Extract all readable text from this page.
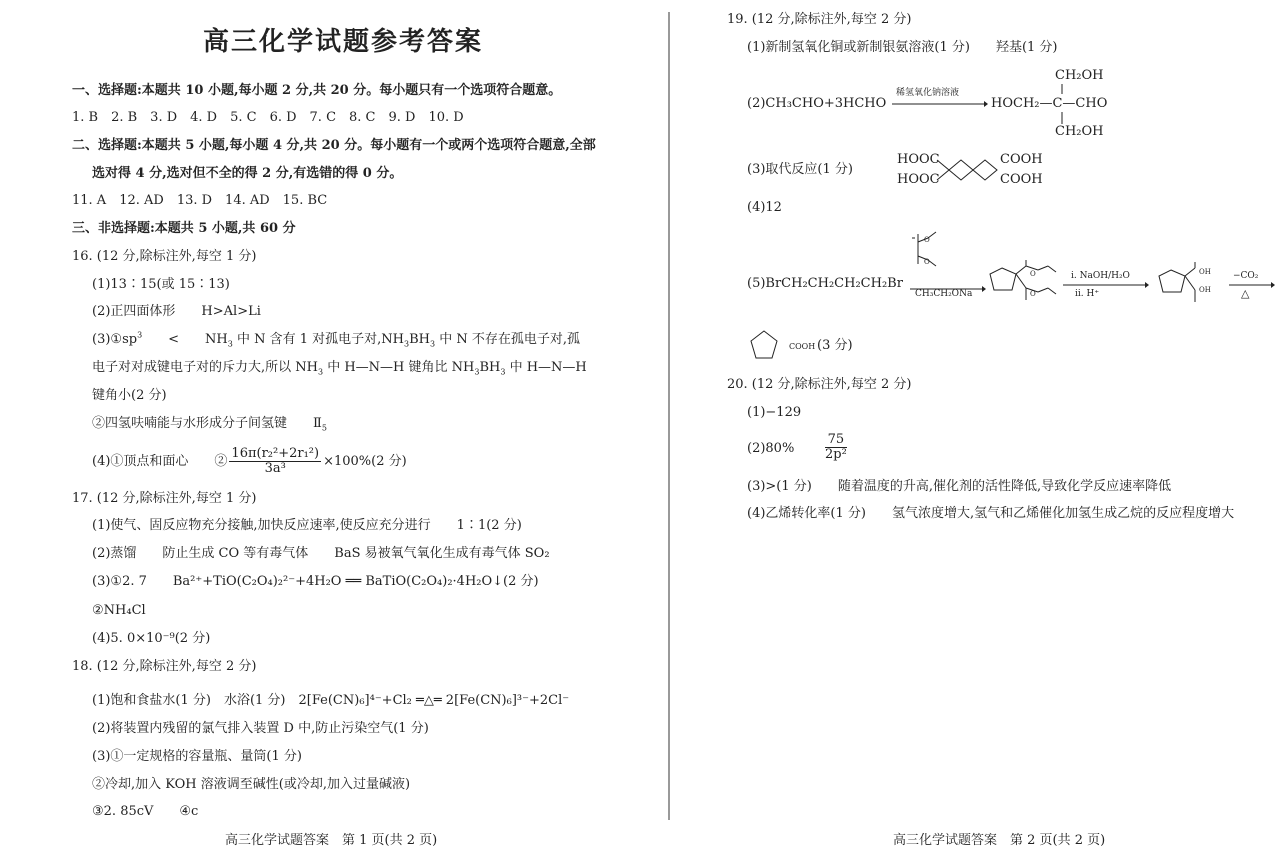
高三化学试题参考答案
一、选择题:本题共 10 小题,每小题 2 分,共 20 分。每小题只有一个选项符合题意。
1. B　2. B　3. D　4. D　5. C　6. D　7. C　8. C　9. D　10. D
二、选择题:本题共 5 小题,每小题 4 分,共 20 分。每小题有一个或两个选项符合题意,全部
选对得 4 分,选对但不全的得 2 分,有选错的得 0 分。
11. A　12. AD　13. D　14. AD　15. BC
三、非选择题:本题共 5 小题,共 60 分
16. (12 分,除标注外,每空 1 分)
(1)13∶15(或 15∶13)
(2)正四面体形　　H>Al>Li
$(3)①sp^3$　　<　　$NH_3$ 中 N 含有 1 对孤电子对$,NH_3BH_3$ 中 N 不存在孤电子对,孤
电子对对成键电子对的斥力大,所以 $NH_3$ 中 H—N—H 键角比 $NH_3BH_3$ 中 H—N—H
键角小(2 分)
②四氢呋喃能与水形成分子间氢键　　$Ⅱ_5$
(4)①顶点和面心　　② $\frac{\text{16π(r₂²+2r₁²)}}{\text{3a³}} \times 100\%(2$ 分)
17. (12 分,除标注外,每空 1 分)
(1)使气、固反应物充分接触,加快反应速率,使反应充分进行　　1∶1(2 分)
(2)蒸馏　　防止生成 CO 等有毒气体　　BaS 易被氧气氧化生成有毒气体 SO₂
(3)①2. 7　　Ba²⁺+TiO(C₂O₄)₂²⁻+4H₂O ══ BaTiO(C₂O₄)₂·4H₂O↓(2 分)
②NH₄Cl
(4)5. 0×10⁻⁹(2 分)
18. (12 分,除标注外,每空 2 分)
(1)饱和食盐水(1 分)　水浴(1 分)　2[Fe(CN)₆]⁴⁻+Cl₂ ═△═ 2[Fe(CN)₆]³⁻+2Cl⁻
(2)将装置内残留的氯气排入装置 D 中,防止污染空气(1 分)
(3)①一定规格的容量瓶、量筒(1 分)
②冷却,加入 KOH 溶液调至碱性(或冷却,加入过量碱液)
③2. 85cV　　④c
高三化学试题答案　第 1 页(共 2 页)
19. (12 分,除标注外,每空 2 分)
(1)新制氢氧化铜或新制银氨溶液(1 分)　　羟基(1 分)
(2)CH₃CHO+3HCHO
稀氢氧化钠溶液
CH₂OH
HOCH₂—C—CHO
CH₂OH
(3)取代反应(1 分)
HOOC
HOOC
COOH
COOH
(4)12
(5)BrCH₂CH₂CH₂CH₂Br
O
O
CH₃CH₂ONa
O
O
ⅰ. NaOH/H₂O
ⅱ. H⁺
OH
OH
−CO₂
△
COOH (3 分)
20. (12 分,除标注外,每空 2 分)
(1)−129
$(2)80\% \frac{75}{\text{2p²}}$
(3)>(1 分)　　随着温度的升高,催化剂的活性降低,导致化学反应速率降低
(4)乙烯转化率(1 分)　　氢气浓度增大,氢气和乙烯催化加氢生成乙烷的反应程度增大
高三化学试题答案　第 2 页(共 2 页)
